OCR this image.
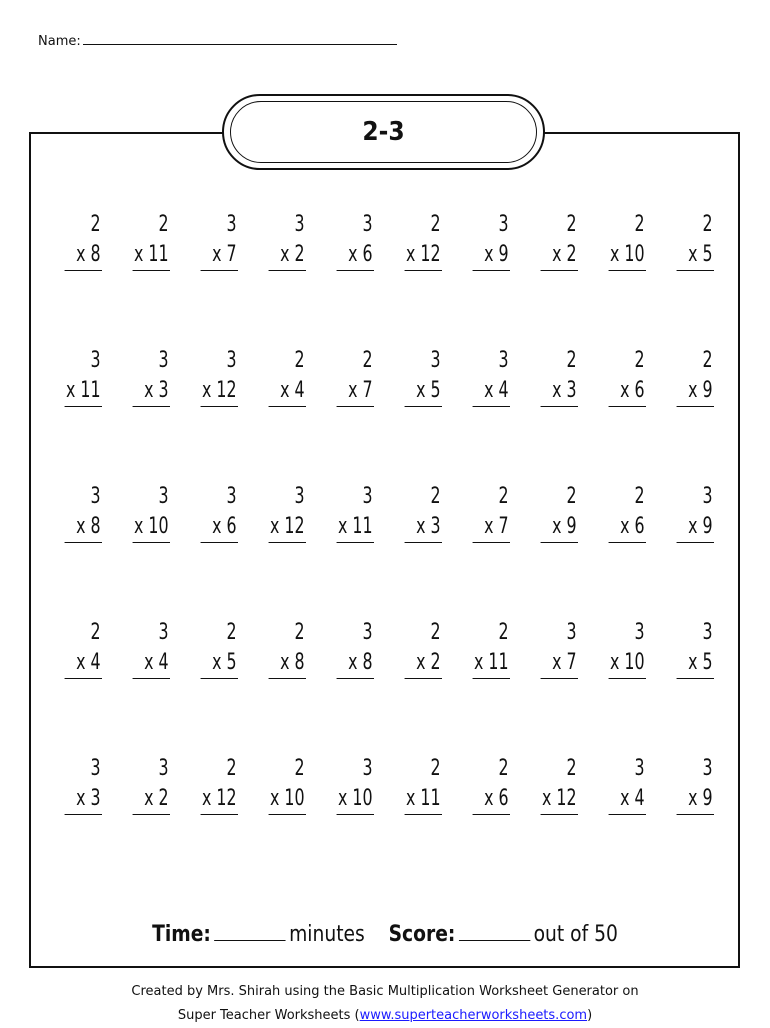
Name:
2-3
2
x 8
2
x 11
3
x 7
3
x 2
3
x 6
2
x 12
3
x 9
2
x 2
2
x 10
2
x 5
3
x 11
3
x 3
3
x 12
2
x 4
2
x 7
3
x 5
3
x 4
2
x 3
2
x 6
2
x 9
3
x 8
3
x 10
3
x 6
3
x 12
3
x 11
2
x 3
2
x 7
2
x 9
2
x 6
3
x 9
2
x 4
3
x 4
2
x 5
2
x 8
3
x 8
2
x 2
2
x 11
3
x 7
3
x 10
3
x 5
3
x 3
3
x 2
2
x 12
2
x 10
3
x 10
2
x 11
2
x 6
2
x 12
3
x 4
3
x 9
Time:	minutes Score:	out of 50
Created by Mrs. Shirah using the Basic Multiplication Worksheet Generator on
Super Teacher Worksheets (www.superteacherworksheets.com)
